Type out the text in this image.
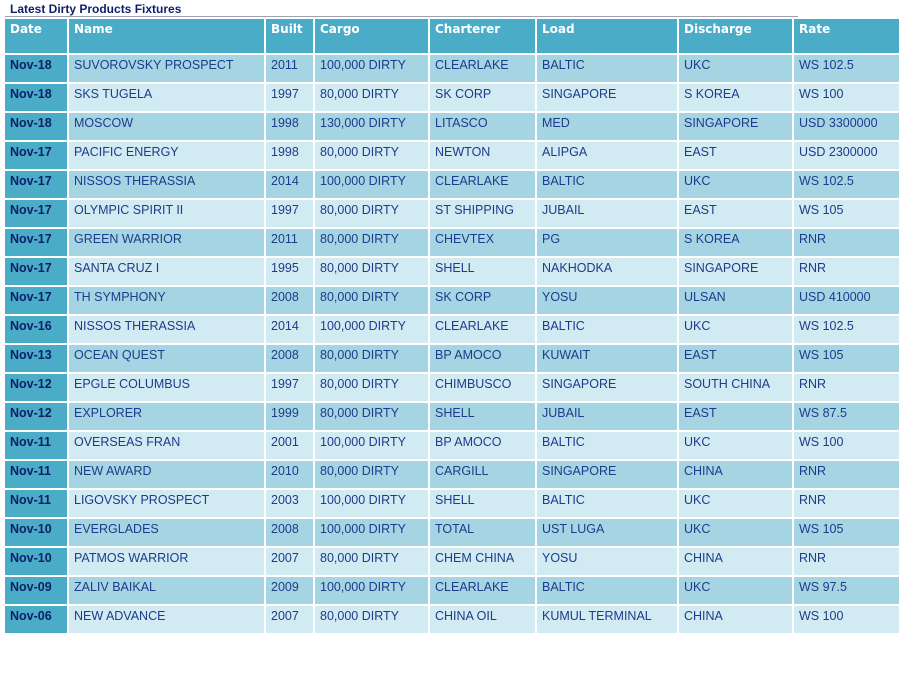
Latest Dirty Products Fixtures
Date	Name	Built	Cargo	Charterer	Load	Discharge	Rate
Nov-18	SUVOROVSKY PROSPECT	2011	100,000 DIRTY	CLEARLAKE	BALTIC	UKC	WS 102.5
Nov-18	SKS TUGELA	1997	80,000 DIRTY	SK CORP	SINGAPORE	S KOREA	WS 100
Nov-18	MOSCOW	1998	130,000 DIRTY	LITASCO	MED	SINGAPORE	USD 3300000
Nov-17	PACIFIC ENERGY	1998	80,000 DIRTY	NEWTON	ALIPGA	EAST	USD 2300000
Nov-17	NISSOS THERASSIA	2014	100,000 DIRTY	CLEARLAKE	BALTIC	UKC	WS 102.5
Nov-17	OLYMPIC SPIRIT II	1997	80,000 DIRTY	ST SHIPPING	JUBAIL	EAST	WS 105
Nov-17	GREEN WARRIOR	2011	80,000 DIRTY	CHEVTEX	PG	S KOREA	RNR
Nov-17	SANTA CRUZ I	1995	80,000 DIRTY	SHELL	NAKHODKA	SINGAPORE	RNR
Nov-17	TH SYMPHONY	2008	80,000 DIRTY	SK CORP	YOSU	ULSAN	USD 410000
Nov-16	NISSOS THERASSIA	2014	100,000 DIRTY	CLEARLAKE	BALTIC	UKC	WS 102.5
Nov-13	OCEAN QUEST	2008	80,000 DIRTY	BP AMOCO	KUWAIT	EAST	WS 105
Nov-12	EPGLE COLUMBUS	1997	80,000 DIRTY	CHIMBUSCO	SINGAPORE	SOUTH CHINA	RNR
Nov-12	EXPLORER	1999	80,000 DIRTY	SHELL	JUBAIL	EAST	WS 87.5
Nov-11	OVERSEAS FRAN	2001	100,000 DIRTY	BP AMOCO	BALTIC	UKC	WS 100
Nov-11	NEW AWARD	2010	80,000 DIRTY	CARGILL	SINGAPORE	CHINA	RNR
Nov-11	LIGOVSKY PROSPECT	2003	100,000 DIRTY	SHELL	BALTIC	UKC	RNR
Nov-10	EVERGLADES	2008	100,000 DIRTY	TOTAL	UST LUGA	UKC	WS 105
Nov-10	PATMOS WARRIOR	2007	80,000 DIRTY	CHEM CHINA	YOSU	CHINA	RNR
Nov-09	ZALIV BAIKAL	2009	100,000 DIRTY	CLEARLAKE	BALTIC	UKC	WS 97.5
Nov-06	NEW ADVANCE	2007	80,000 DIRTY	CHINA OIL	KUMUL TERMINAL	CHINA	WS 100
